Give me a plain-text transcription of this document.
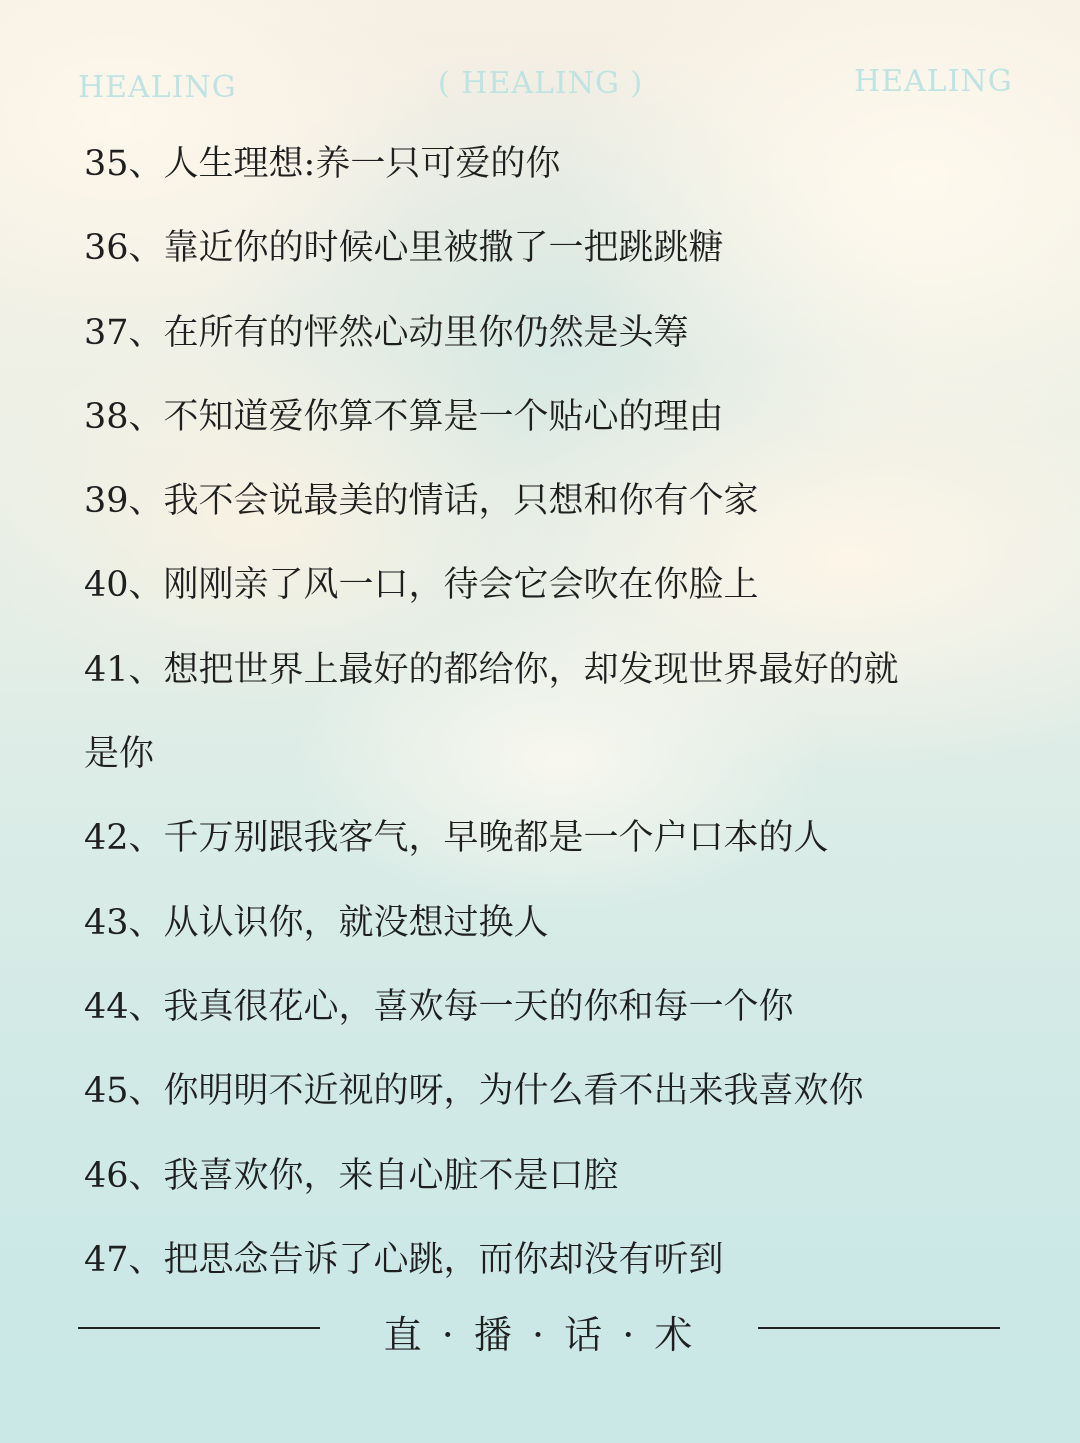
HEALING	( HEALING )	HEALING
35、人生理想:养一只可爱的你
36、靠近你的时候心里被撒了一把跳跳糖
37、在所有的怦然心动里你仍然是头筹
38、不知道爱你算不算是一个贴心的理由
39、我不会说最美的情话，只想和你有个家
40、刚刚亲了风一口，待会它会吹在你脸上
41、想把世界上最好的都给你，却发现世界最好的就
是你
42、千万别跟我客气，早晚都是一个户口本的人
43、从认识你，就没想过换人
44、我真很花心，喜欢每一天的你和每一个你
45、你明明不近视的呀，为什么看不出来我喜欢你
46、我喜欢你，来自心脏不是口腔
47、把思念告诉了心跳，而你却没有听到
直 · 播 · 话 · 术
